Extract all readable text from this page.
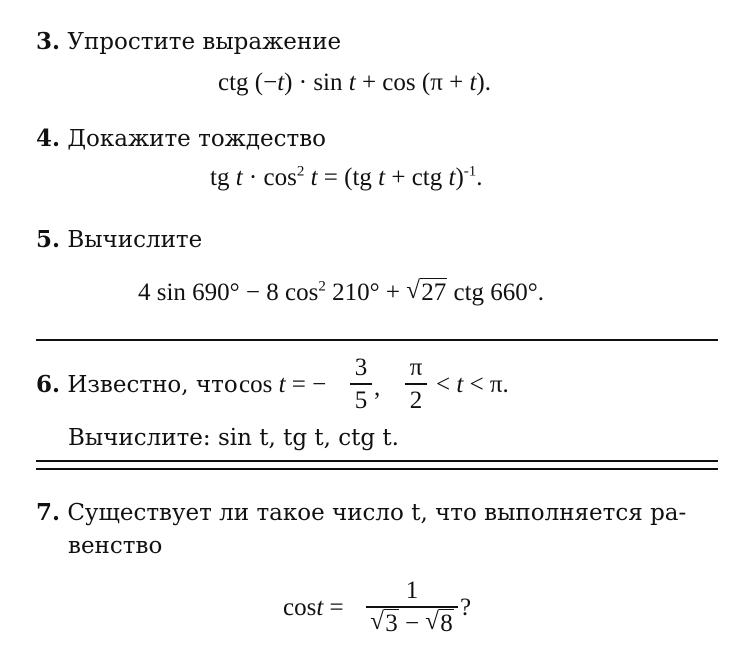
3. Упростите выражение
ctg (−t) · sin t + cos (π + t).
4. Докажите тождество
tg $t \cdot \cos^2 t = (tg$ t + ctg t)$^{-1}$.
5. Вычислите
4 sin 690° − 8 $\cos^2 210^\circ$ + √ 27 ctg 660°.
6. Известно, что cos t = −
3
5 ,
π
2
< t < π.
Вычислите: sin t, tg t, ctg t.
7. Существует ли такое число t, что выполняется ра-
венство
cost =
1
√ 3 − √ 8
?
